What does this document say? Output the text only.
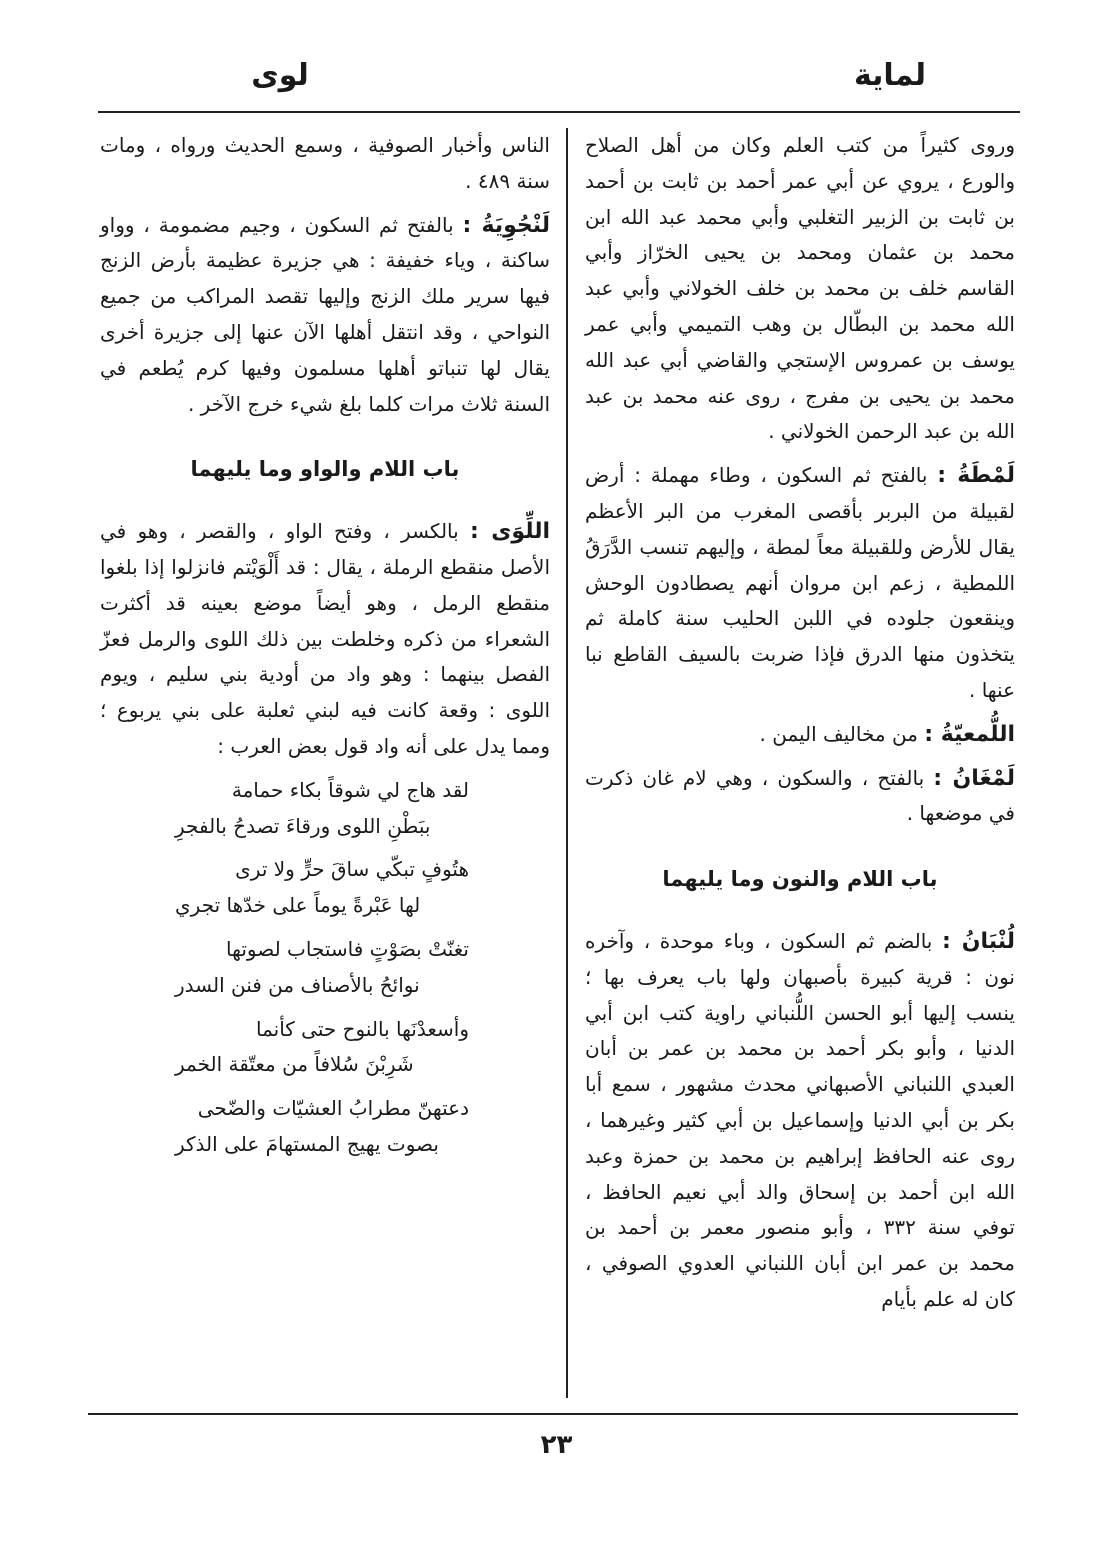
لماية
لوى

وروى كثيراً من كتب العلم وكان من أهل الصلاح والورع ، يروي عن أبي عمر أحمد بن ثابت بن أحمد بن ثابت بن الزبير التغلبي وأبي محمد عبد الله ابن محمد بن عثمان ومحمد بن يحيى الخرّاز وأبي القاسم خلف بن محمد بن خلف الخولاني وأبي عبد الله محمد بن البطّال بن وهب التميمي وأبي عمر يوسف بن عمروس الإستجي والقاضي أبي عبد الله محمد بن يحيى بن مفرج ، روى عنه محمد بن عبد الله بن عبد الرحمن الخولاني .

لَمْطَةُ : بالفتح ثم السكون ، وطاء مهملة : أرض لقبيلة من البربر بأقصى المغرب من البر الأعظم يقال للأرض وللقبيلة معاً لمطة ، وإليهم تنسب الدَّرَقُ اللمطية ، زعم ابن مروان أنهم يصطادون الوحش وينقعون جلوده في اللبن الحليب سنة كاملة ثم يتخذون منها الدرق فإذا ضربت بالسيف القاطع نبا عنها .

اللُّمعيّةُ : من مخاليف اليمن .

لَمْغَانُ : بالفتح ، والسكون ، وهي لام غان ذكرت في موضعها .

باب اللام والنون وما يليهما

لُنْبَانُ : بالضم ثم السكون ، وباء موحدة ، وآخره نون : قرية كبيرة بأصبهان ولها باب يعرف بها ؛ ينسب إليها أبو الحسن اللُّنباني راوية كتب ابن أبي الدنيا ، وأبو بكر أحمد بن محمد بن عمر بن أبان العبدي اللنباني الأصبهاني محدث مشهور ، سمع أبا بكر بن أبي الدنيا وإسماعيل بن أبي كثير وغيرهما ، روى عنه الحافظ إبراهيم بن محمد بن حمزة وعبد الله ابن أحمد بن إسحاق والد أبي نعيم الحافظ ، توفي سنة ٣٣٢ ، وأبو منصور معمر بن أحمد بن محمد بن عمر ابن أبان اللنباني العدوي الصوفي ، كان له علم بأيام

الناس وأخبار الصوفية ، وسمع الحديث ورواه ، ومات سنة ٤٨٩ .

لَنْجُوِيَةُ : بالفتح ثم السكون ، وجيم مضمومة ، وواو ساكنة ، وياء خفيفة : هي جزيرة عظيمة بأرض الزنج فيها سرير ملك الزنج وإليها تقصد المراكب من جميع النواحي ، وقد انتقل أهلها الآن عنها إلى جزيرة أخرى يقال لها تنباتو أهلها مسلمون وفيها كرم يُطعم في السنة ثلاث مرات كلما بلغ شيء خرج الآخر .

باب اللام والواو وما يليهما

اللِّوَى : بالكسر ، وفتح الواو ، والقصر ، وهو في الأصل منقطع الرملة ، يقال : قد أَلْوَيْتم فانزلوا إذا بلغوا منقطع الرمل ، وهو أيضاً موضع بعينه قد أكثرت الشعراء من ذكره وخلطت بين ذلك اللوى والرمل فعزّ الفصل بينهما : وهو واد من أودية بني سليم ، ويوم اللوى : وقعة كانت فيه لبني ثعلبة على بني يربوع ؛ ومما يدل على أنه واد قول بعض العرب :

لقد هاج لي شوقاً بكاء حمامة
ببَطْنِ اللوى ورقاءَ تصدحُ بالفجرِ
هتُوفٍ تبكّي ساقَ حرٍّ ولا ترى
لها عَبْرةً يوماً على خدّها تجري
تغنّتْ بصَوْتٍ فاستجاب لصوتها
نوائحُ بالأصناف من فنن السدر
وأسعدْنَها بالنوح حتى كأنما
شَرِبْنَ سُلافاً من معتّقة الخمر
دعتهنّ مطرابُ العشيّات والضّحى
بصوت يهيج المستهامَ على الذكر
٢٣
